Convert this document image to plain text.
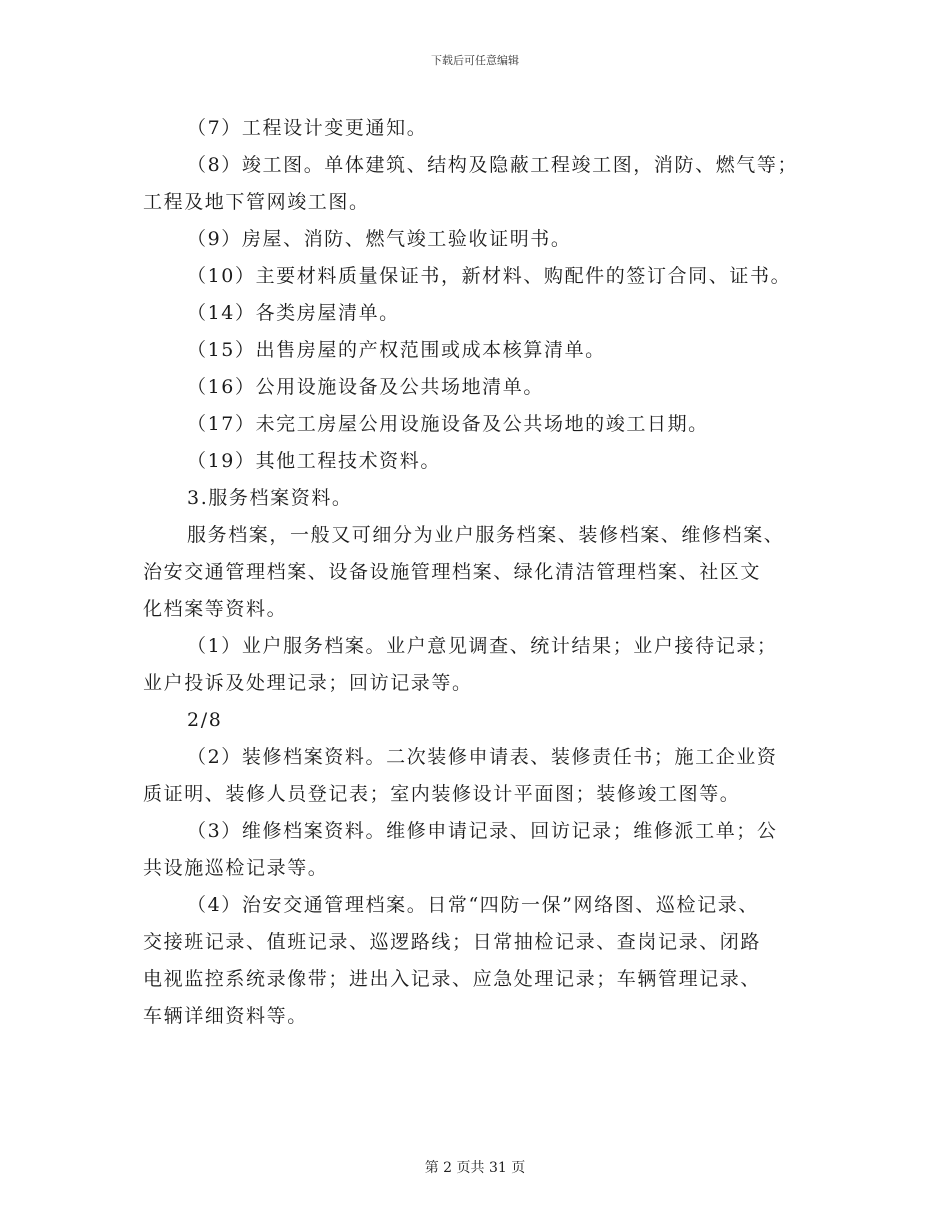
下载后可任意编辑

（7）工程设计变更通知。

（8）竣工图。单体建筑、结构及隐蔽工程竣工图，消防、燃气等；
工程及地下管网竣工图。

（9）房屋、消防、燃气竣工验收证明书。

（10）主要材料质量保证书，新材料、购配件的签订合同、证书。

（14）各类房屋清单。

（15）出售房屋的产权范围或成本核算清单。

（16）公用设施设备及公共场地清单。

（17）未完工房屋公用设施设备及公共场地的竣工日期。

（19）其他工程技术资料。

3.服务档案资料。

服务档案，一般又可细分为业户服务档案、装修档案、维修档案、
治安交通管理档案、设备设施管理档案、绿化清洁管理档案、社区文
化档案等资料。

（1）业户服务档案。业户意见调查、统计结果；业户接待记录；
业户投诉及处理记录；回访记录等。

2/8

（2）装修档案资料。二次装修申请表、装修责任书；施工企业资
质证明、装修人员登记表；室内装修设计平面图；装修竣工图等。

（3）维修档案资料。维修申请记录、回访记录；维修派工单；公
共设施巡检记录等。

（4）治安交通管理档案。日常“四防一保”网络图、巡检记录、
交接班记录、值班记录、巡逻路线；日常抽检记录、查岗记录、闭路
电视监控系统录像带；进出入记录、应急处理记录；车辆管理记录、
车辆详细资料等。

第 2 页共 31 页
